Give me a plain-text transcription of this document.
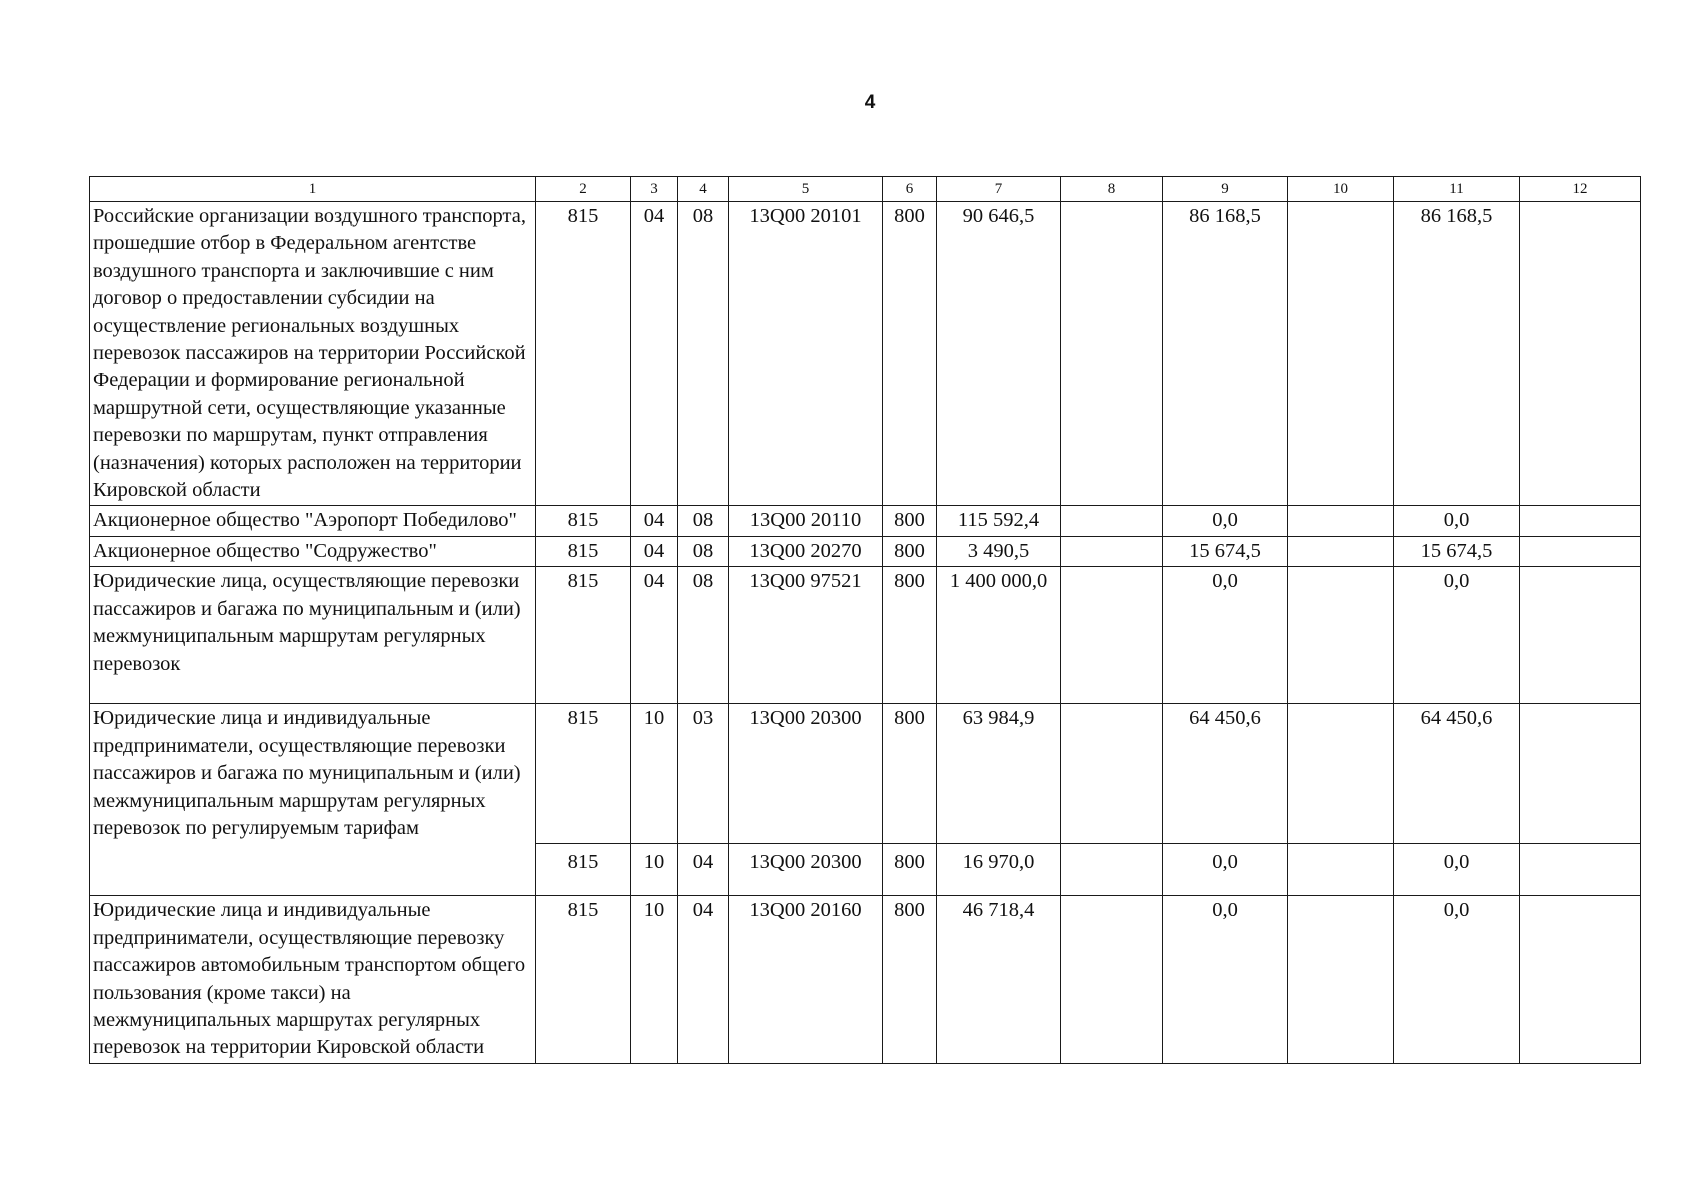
4
1	2	3	4	5	6	7	8	9	10	11	12
Российские организации воздушного транспорта, прошедшие отбор в Федеральном агентстве воздушного транспорта и заключившие с ним договор о предоставлении субсидии на осуществление региональных воздушных перевозок пассажиров на территории Российской Федерации и формирование региональной маршрутной сети, осуществляющие указанные перевозки по маршрутам, пункт отправления (назначения) которых расположен на территории Кировской области	815	04	08	13Q00 20101	800	90 646,5		86 168,5		86 168,5	
Акционерное общество "Аэропорт Победилово"	815	04	08	13Q00 20110	800	115 592,4		0,0		0,0	
Акционерное общество "Содружество"	815	04	08	13Q00 20270	800	3 490,5		15 674,5		15 674,5	
Юридические лица, осуществляющие перевозки пассажиров и багажа по муниципальным и (или) межмуниципальным маршрутам регулярных перевозок	815	04	08	13Q00 97521	800	1 400 000,0		0,0		0,0	
Юридические лица и индивидуальные предприниматели, осуществляющие перевозки пассажиров и багажа по муниципальным и (или) межмуниципальным маршрутам регулярных перевозок по регулируемым тарифам	815	10	03	13Q00 20300	800	63 984,9		64 450,6		64 450,6	
	815	10	04	13Q00 20300	800	16 970,0		0,0		0,0	
Юридические лица и индивидуальные предприниматели, осуществляющие перевозку пассажиров автомобильным транспортом общего пользования (кроме такси) на межмуниципальных маршрутах регулярных перевозок на территории Кировской области	815	10	04	13Q00 20160	800	46 718,4		0,0		0,0	
